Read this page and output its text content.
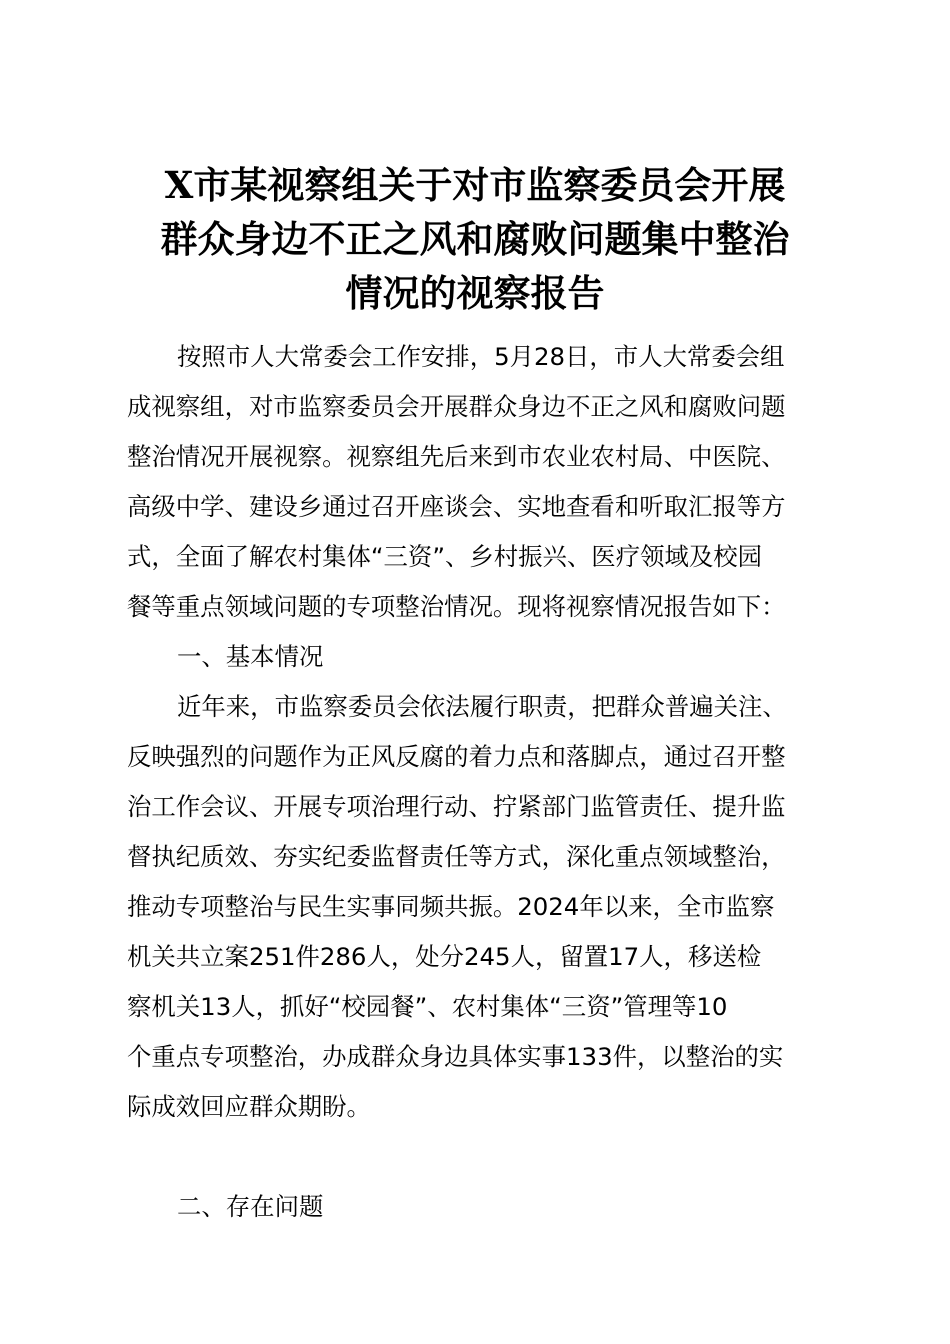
X市某视察组关于对市监察委员会开展
群众身边不正之风和腐败问题集中整治
情况的视察报告
按照市人大常委会工作安排，5月28日，市人大常委会组
成视察组，对市监察委员会开展群众身边不正之风和腐败问题
整治情况开展视察。视察组先后来到市农业农村局、中医院、
高级中学、建设乡通过召开座谈会、实地查看和听取汇报等方
式，全面了解农村集体“三资”、乡村振兴、医疗领域及校园
餐等重点领域问题的专项整治情况。现将视察情况报告如下：
一、基本情况
近年来，市监察委员会依法履行职责，把群众普遍关注、
反映强烈的问题作为正风反腐的着力点和落脚点，通过召开整
治工作会议、开展专项治理行动、拧紧部门监管责任、提升监
督执纪质效、夯实纪委监督责任等方式，深化重点领域整治，
推动专项整治与民生实事同频共振。2024年以来，全市监察
机关共立案251件286人，处分245人，留置17人，移送检
察机关13人，抓好“校园餐”、农村集体“三资”管理等10
个重点专项整治，办成群众身边具体实事133件，以整治的实
际成效回应群众期盼。
二、存在问题
